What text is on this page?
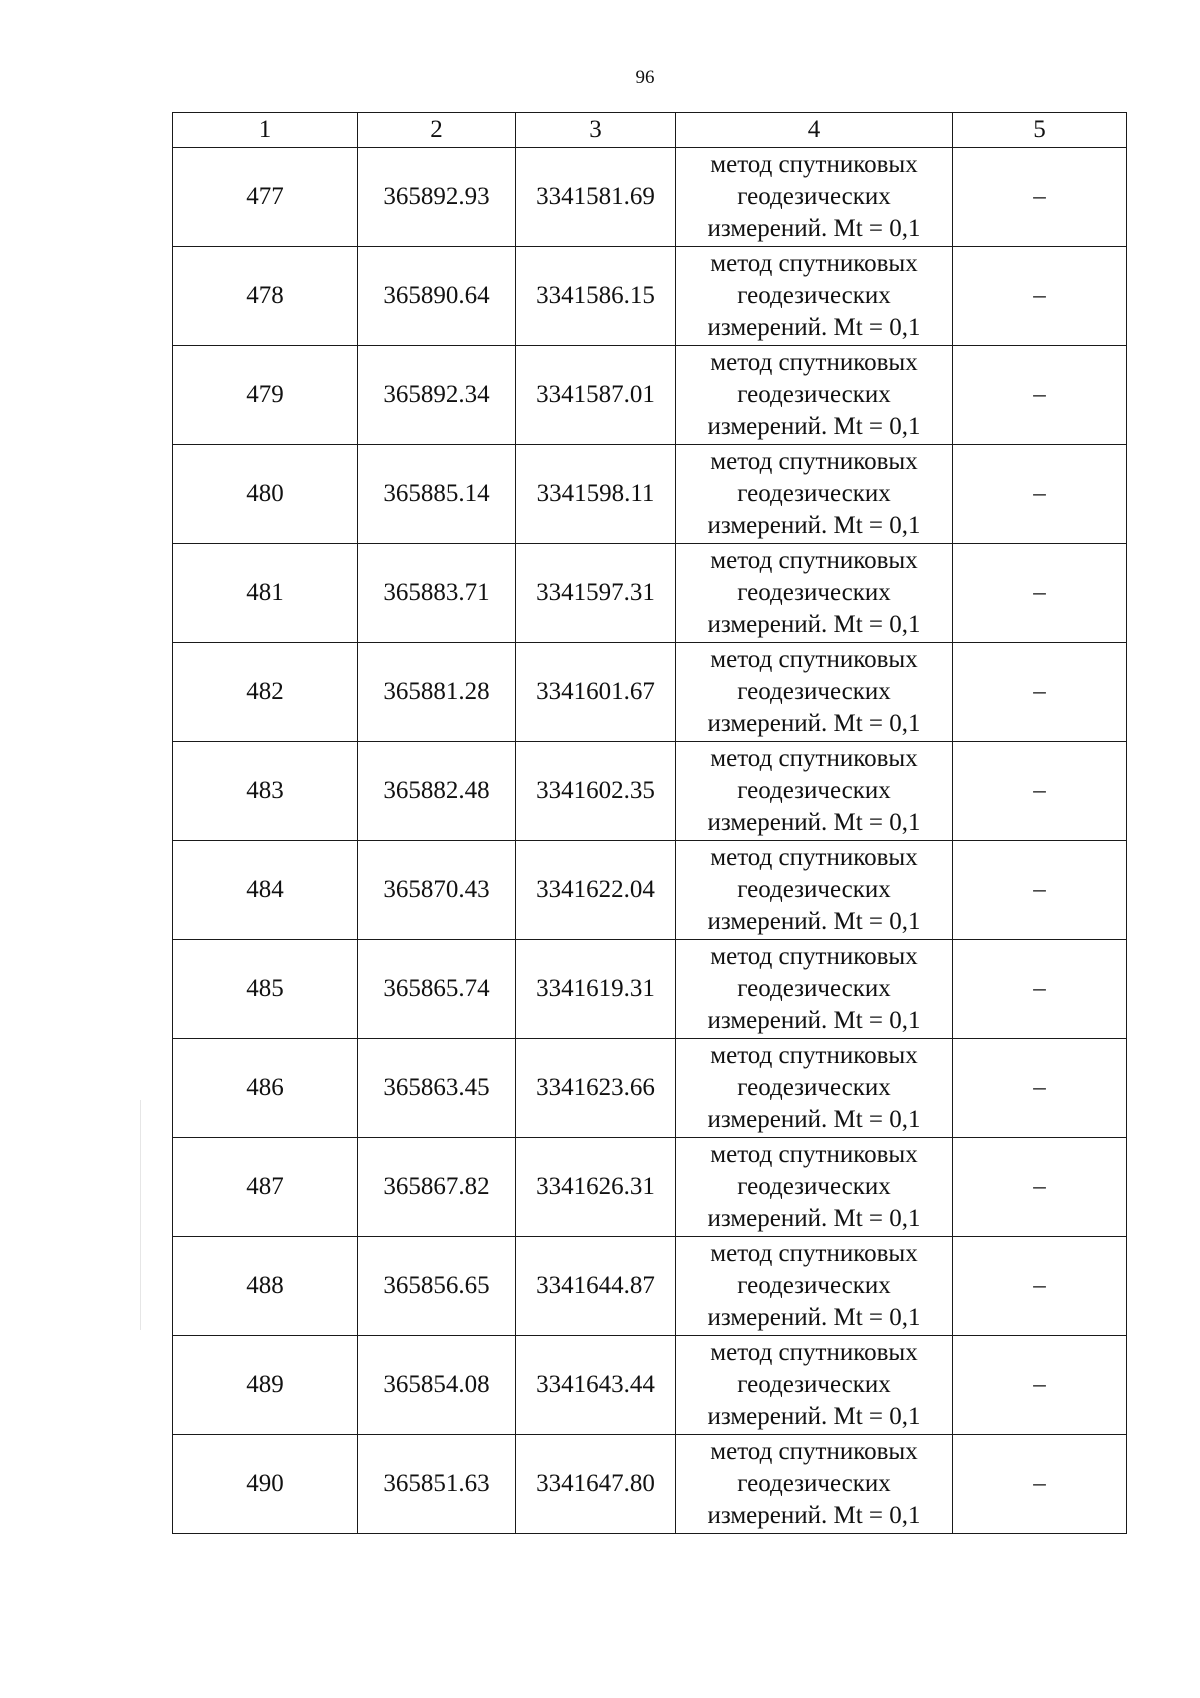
96
1	2	3	4	5
477	365892.93	3341581.69	метод спутниковых геодезических измерений. Mt = 0,1	–
478	365890.64	3341586.15	метод спутниковых геодезических измерений. Mt = 0,1	–
479	365892.34	3341587.01	метод спутниковых геодезических измерений. Mt = 0,1	–
480	365885.14	3341598.11	метод спутниковых геодезических измерений. Mt = 0,1	–
481	365883.71	3341597.31	метод спутниковых геодезических измерений. Mt = 0,1	–
482	365881.28	3341601.67	метод спутниковых геодезических измерений. Mt = 0,1	–
483	365882.48	3341602.35	метод спутниковых геодезических измерений. Mt = 0,1	–
484	365870.43	3341622.04	метод спутниковых геодезических измерений. Mt = 0,1	–
485	365865.74	3341619.31	метод спутниковых геодезических измерений. Mt = 0,1	–
486	365863.45	3341623.66	метод спутниковых геодезических измерений. Mt = 0,1	–
487	365867.82	3341626.31	метод спутниковых геодезических измерений. Mt = 0,1	–
488	365856.65	3341644.87	метод спутниковых геодезических измерений. Mt = 0,1	–
489	365854.08	3341643.44	метод спутниковых геодезических измерений. Mt = 0,1	–
490	365851.63	3341647.80	метод спутниковых геодезических измерений. Mt = 0,1	–
